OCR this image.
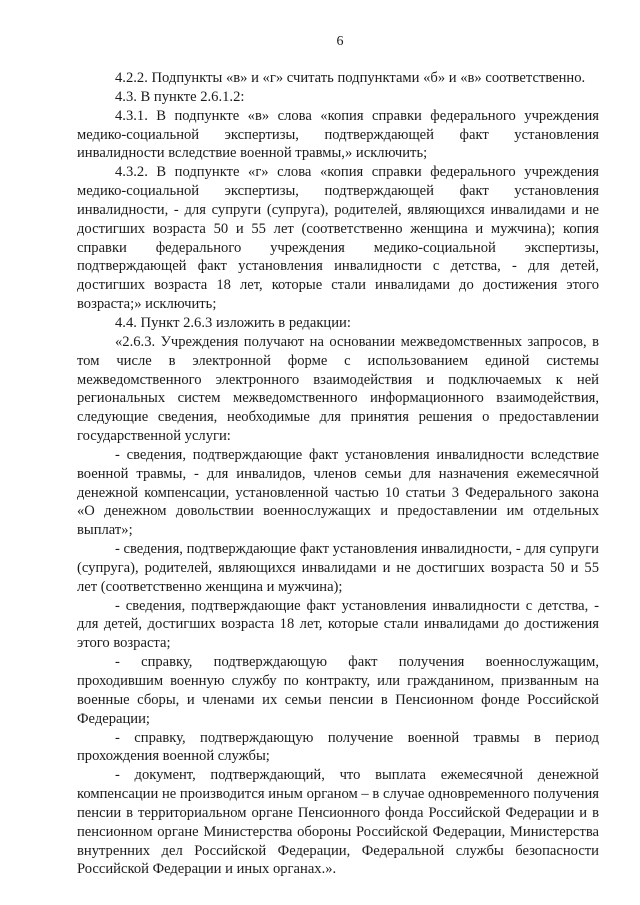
6

4.2.2. Подпункты «в» и «г» считать подпунктами «б» и «в» соответственно.

4.3. В пункте 2.6.1.2:

4.3.1. В подпункте «в» слова «копия справки федерального учреждения медико-социальной экспертизы, подтверждающей факт установления инвалидности вследствие военной травмы,» исключить;

4.3.2. В подпункте «г» слова «копия справки федерального учреждения медико-социальной экспертизы, подтверждающей факт установления инвалидности, - для супруги (супруга), родителей, являющихся инвалидами и не достигших возраста 50 и 55 лет (соответственно женщина и мужчина); копия справки федерального учреждения медико-социальной экспертизы, подтверждающей факт установления инвалидности с детства, - для детей, достигших возраста 18 лет, которые стали инвалидами до достижения этого возраста;» исключить;

4.4. Пункт 2.6.3 изложить в редакции:

«2.6.3. Учреждения получают на основании межведомственных запросов, в том числе в электронной форме с использованием единой системы межведомственного электронного взаимодействия и подключаемых к ней региональных систем межведомственного информационного взаимодействия, следующие сведения, необходимые для принятия решения о предоставлении государственной услуги:

- сведения, подтверждающие факт установления инвалидности вследствие военной травмы, - для инвалидов, членов семьи для назначения ежемесячной денежной компенсации, установленной частью 10 статьи 3 Федерального закона «О денежном довольствии военнослужащих и предоставлении им отдельных выплат»;

- сведения, подтверждающие факт установления инвалидности, - для супруги (супруга), родителей, являющихся инвалидами и не достигших возраста 50 и 55 лет (соответственно женщина и мужчина);

- сведения, подтверждающие факт установления инвалидности с детства, - для детей, достигших возраста 18 лет, которые стали инвалидами до достижения этого возраста;

- справку, подтверждающую факт получения военнослужащим, проходившим военную службу по контракту, или гражданином, призванным на военные сборы, и членами их семьи пенсии в Пенсионном фонде Российской Федерации;

- справку, подтверждающую получение военной травмы в период прохождения военной службы;

- документ, подтверждающий, что выплата ежемесячной денежной компенсации не производится иным органом – в случае одновременного получения пенсии в территориальном органе Пенсионного фонда Российской Федерации и в пенсионном органе Министерства обороны Российской Федерации, Министерства внутренних дел Российской Федерации, Федеральной службы безопасности Российской Федерации и иных органах.».
